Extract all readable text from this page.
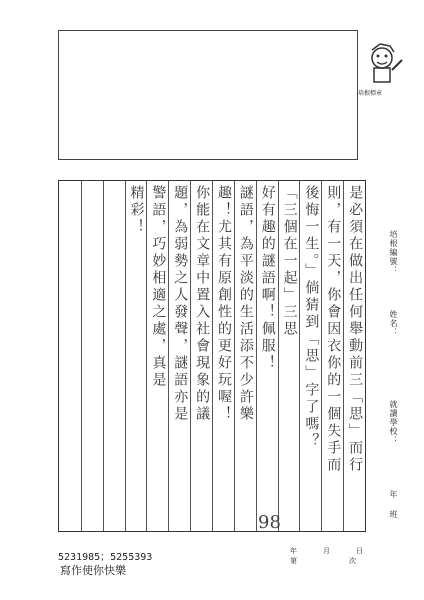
培根標章
培根編號：
姓名：
就讀學校：
年
班
是必須在做出任何舉動前三「思」而行
則，有一天，你會因衣你的一個失手而
後悔一生。」倘猜到「思」字了嗎？
「三個在一起」三思
好有趣的謎語啊！佩服！
謎語，為平淡的生活添不少許樂
趣！尤其有原創性的更好玩喔！
你能在文章中置入社會現象的議
題，為弱勢之人發聲，謎語亦是
警語，巧妙相適之處，真是
精彩！
98
5231985；5255393
寫作使你快樂
年	月	日
第	次
